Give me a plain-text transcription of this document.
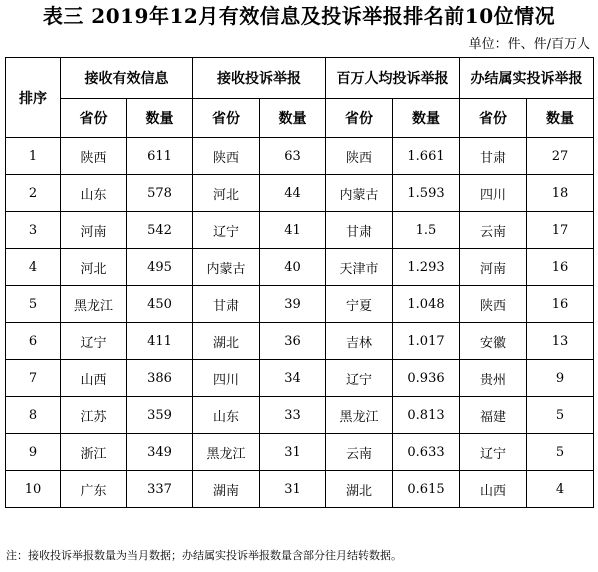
表三 2019年12月有效信息及投诉举报排名前10位情况
单位：件、件/百万人
排序	接收有效信息		接收投诉举报		百万人均投诉举报		办结属实投诉举报	
	省份	数量	省份	数量	省份	数量	省份	数量
1	陕西	611	陕西	63	陕西	1.661	甘肃	27
2	山东	578	河北	44	内蒙古	1.593	四川	18
3	河南	542	辽宁	41	甘肃	1.5	云南	17
4	河北	495	内蒙古	40	天津市	1.293	河南	16
5	黑龙江	450	甘肃	39	宁夏	1.048	陕西	16
6	辽宁	411	湖北	36	吉林	1.017	安徽	13
7	山西	386	四川	34	辽宁	0.936	贵州	9
8	江苏	359	山东	33	黑龙江	0.813	福建	5
9	浙江	349	黑龙江	31	云南	0.633	辽宁	5
10	广东	337	湖南	31	湖北	0.615	山西	4
注：接收投诉举报数量为当月数据；办结属实投诉举报数量含部分往月结转数据。
